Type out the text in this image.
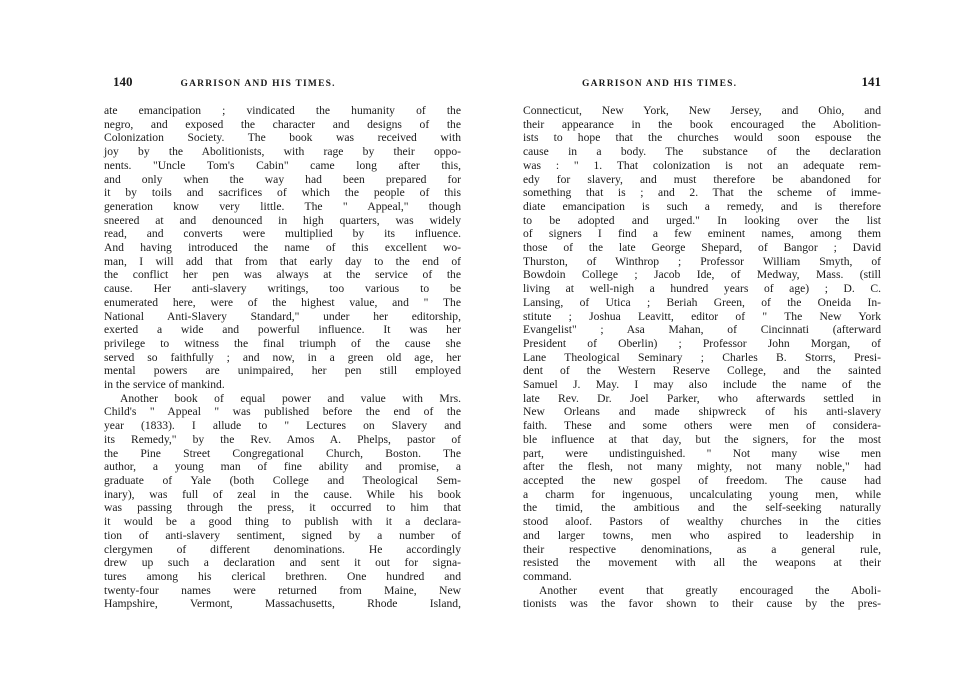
140	GARRISON AND HIS TIMES.
ate emancipation ; vindicated the humanity of the
negro, and exposed the character and designs of the
Colonization Society. The book was received with
joy by the Abolitionists, with rage by their oppo-
nents. "Uncle Tom's Cabin" came long after this,
and only when the way had been prepared for
it by toils and sacrifices of which the people of this
generation know very little. The " Appeal," though
sneered at and denounced in high quarters, was widely
read, and converts were multiplied by its influence.
And having introduced the name of this excellent wo-
man, I will add that from that early day to the end of
the conflict her pen was always at the service of the
cause. Her anti-slavery writings, too various to be
enumerated here, were of the highest value, and " The
National Anti-Slavery Standard," under her editorship,
exerted a wide and powerful influence. It was her
privilege to witness the final triumph of the cause she
served so faithfully ; and now, in a green old age, her
mental powers are unimpaired, her pen still employed
in the service of mankind.
Another book of equal power and value with Mrs.
Child's " Appeal " was published before the end of the
year (1833). I allude to " Lectures on Slavery and
its Remedy," by the Rev. Amos A. Phelps, pastor of
the Pine Street Congregational Church, Boston. The
author, a young man of fine ability and promise, a
graduate of Yale (both College and Theological Sem-
inary), was full of zeal in the cause. While his book
was passing through the press, it occurred to him that
it would be a good thing to publish with it a declara-
tion of anti-slavery sentiment, signed by a number of
clergymen of different denominations. He accordingly
drew up such a declaration and sent it out for signa-
tures among his clerical brethren. One hundred and
twenty-four names were returned from Maine, New
Hampshire, Vermont, Massachusetts, Rhode Island,
GARRISON AND HIS TIMES.	141
Connecticut, New York, New Jersey, and Ohio, and
their appearance in the book encouraged the Abolition-
ists to hope that the churches would soon espouse the
cause in a body. The substance of the declaration
was : " 1. That colonization is not an adequate rem-
edy for slavery, and must therefore be abandoned for
something that is ; and 2. That the scheme of imme-
diate emancipation is such a remedy, and is therefore
to be adopted and urged." In looking over the list
of signers I find a few eminent names, among them
those of the late George Shepard, of Bangor ; David
Thurston, of Winthrop ; Professor William Smyth, of
Bowdoin College ; Jacob Ide, of Medway, Mass. (still
living at well-nigh a hundred years of age) ; D. C.
Lansing, of Utica ; Beriah Green, of the Oneida In-
stitute ; Joshua Leavitt, editor of " The New York
Evangelist" ; Asa Mahan, of Cincinnati (afterward
President of Oberlin) ; Professor John Morgan, of
Lane Theological Seminary ; Charles B. Storrs, Presi-
dent of the Western Reserve College, and the sainted
Samuel J. May. I may also include the name of the
late Rev. Dr. Joel Parker, who afterwards settled in
New Orleans and made shipwreck of his anti-slavery
faith. These and some others were men of considera-
ble influence at that day, but the signers, for the most
part, were undistinguished. " Not many wise men
after the flesh, not many mighty, not many noble," had
accepted the new gospel of freedom. The cause had
a charm for ingenuous, uncalculating young men, while
the timid, the ambitious and the self-seeking naturally
stood aloof. Pastors of wealthy churches in the cities
and larger towns, men who aspired to leadership in
their respective denominations, as a general rule,
resisted the movement with all the weapons at their
command.
Another event that greatly encouraged the Aboli-
tionists was the favor shown to their cause by the pres-
